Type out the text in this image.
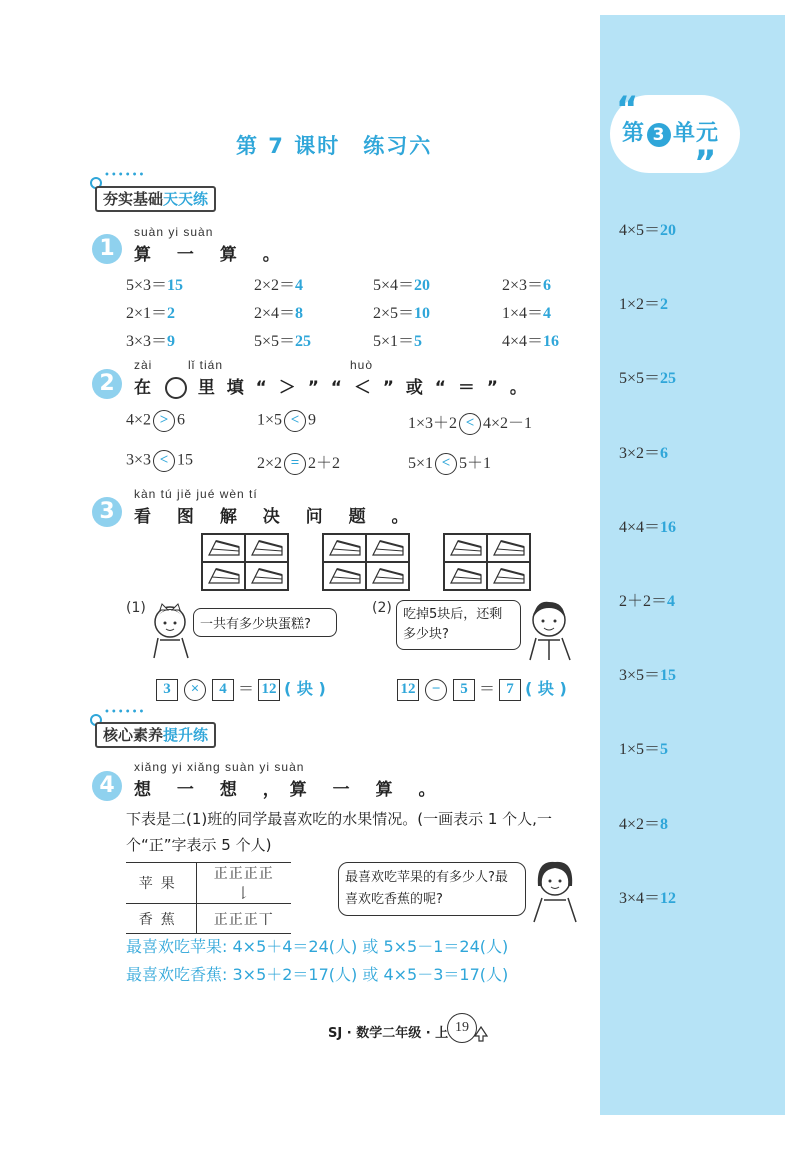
“
”
第 3 单元
4×5＝20
1×2＝2
5×5＝25
3×2＝6
4×4＝16
2＋2＝4
3×5＝15
1×5＝5
4×2＝8
3×4＝12
第 7 课时　练习六
••••••
夯实基础天天练
1
suàn yi suàn
算 一 算 。
5×3＝15	2×2＝4	5×4＝20	2×3＝6
2×1＝2	2×4＝8	2×5＝10	1×4＝4
3×3＝9	5×5＝25	5×1＝5	4×4＝16
2
zài	lǐ tián	huò
在	里 填 “ ＞ ” “ ＜ ” 或 “ ＝ ” 。
4×2 > 6	1×5 < 9	1×3＋2 < 4×2－1
3×3 < 15	2×2 = 2＋2	5×1 < 5＋1
3
kàn tú jiě jué wèn tí
看 图 解 决 问 题 。
(1)
一共有多少块蛋糕?
3 × 4 ＝ 12 ( 块 )
(2) 吃掉5块后，还剩多少块?
12 − 5 ＝ 7 ( 块 )
••••••
核心素养提升练
4
xiǎng yi xiǎng suàn yi suàn
想 一 想 ，算 一 算 。
下表是二(1)班的同学最喜欢吃的水果情况。(一画表示 1 个人,一个“正”字表示 5 个人)
苹果	正正正正𠄌
香蕉	正正正丅
最喜欢吃苹果的有多少人?最喜欢吃香蕉的呢?
最喜欢吃苹果: 4×5＋4＝24(人) 或 5×5－1＝24(人)
最喜欢吃香蕉: 3×5＋2＝17(人) 或 4×5－3＝17(人)
SJ · 数学二年级 · 上 19
